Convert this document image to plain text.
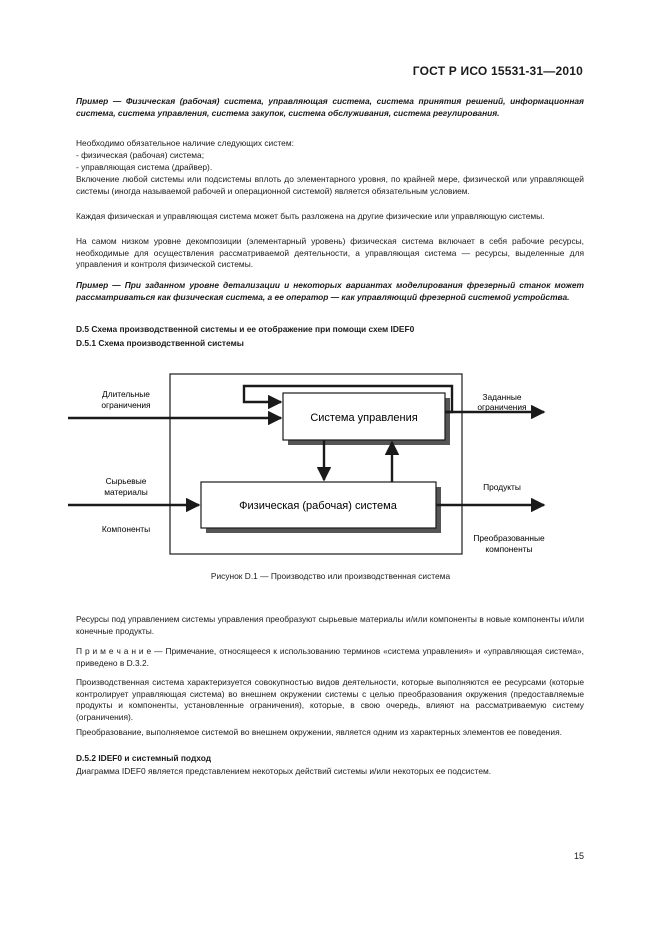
ГОСТ Р ИСО 15531-31—2010

Пример — Физическая (рабочая) система, управляющая система, система принятия решений, информационная система, система управления, система закупок, система обслуживания, система регулирования.

Необходимо обязательное наличие следующих систем:

- физическая (рабочая) система;

- управляющая система (драйвер).

Включение любой системы или подсистемы вплоть до элементарного уровня, по крайней мере, физической или управляющей системы (иногда называемой рабочей и операционной системой) является обязательным условием.

Каждая физическая и управляющая система может быть разложена на другие физические или управляющую системы.

На самом низком уровне декомпозиции (элементарный уровень) физическая система включает в себя рабочие ресурсы, необходимые для осуществления рассматриваемой деятельности, а управляющая система — ресурсы, выделенные для управления и контроля физической системы.

Пример — При заданном уровне детализации и некоторых вариантах моделирования фрезерный станок может рассматриваться как физическая система, а ее оператор — как управляющий фрезерной системой устройства.

D.5 Схема производственной системы и ее отображение при помощи схем IDEF0

D.5.1 Схема производственной системы

Система управления
Физическая (рабочая) система
Длительные
ограничения
Сырьевые
материалы
Компоненты
Заданные
ограничения
Продукты
Преобразованные
компоненты
Рисунок D.1 — Производство или производственная система

Ресурсы под управлением системы управления преобразуют сырьевые материалы и/или компоненты в новые компоненты и/или конечные продукты.

П р и м е ч а н и е — Примечание, относящееся к использованию терминов «система управления» и «управляющая система», приведено в D.3.2.

Производственная система характеризуется совокупностью видов деятельности, которые выполняются ее ресурсами (которые контролирует управляющая система) во внешнем окружении системы с целью преобразования окружения (предоставляемые продукты и компоненты, установленные ограничения), которые, в свою очередь, влияют на рассматриваемую систему (ограничения).

Преобразование, выполняемое системой во внешнем окружении, является одним из характерных элементов ее поведения.

D.5.2 IDEF0 и системный подход

Диаграмма IDEF0 является представлением некоторых действий системы и/или некоторых ее подсистем.

15
